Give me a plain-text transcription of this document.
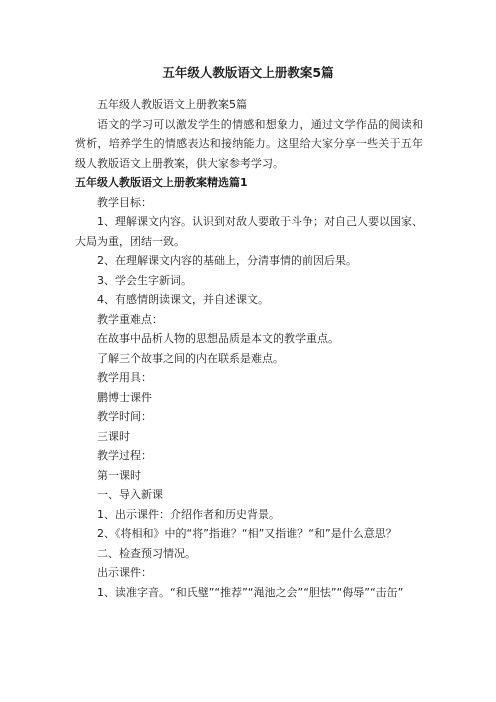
五年级人教版语文上册教案5篇

五年级人教版语文上册教案5篇

语文的学习可以激发学生的情感和想象力，通过文学作品的阅读和赏析，培养学生的情感表达和接纳能力。这里给大家分享一些关于五年级人教版语文上册教案，供大家参考学习。

五年级人教版语文上册教案精选篇1

教学目标：

1、理解课文内容。认识到对敌人要敢于斗争；对自己人要以国家、大局为重，团结一致。

2、在理解课文内容的基础上，分清事情的前因后果。

3、学会生字新词。

4、有感情朗读课文，并自述课文。

教学重难点：

在故事中品析人物的思想品质是本文的教学重点。

了解三个故事之间的内在联系是难点。

教学用具：

鹏博士课件

教学时间：

三课时

教学过程：

第一课时

一、导入新课

1、出示课件：介绍作者和历史背景。

2、《将相和》中的“将”指谁？“相”又指谁？“和”是什么意思？

二、检查预习情况。

出示课件：

1、读准字音。“和氏璧”“推荐”“渑池之会”“胆怯”“侮辱”“击缶”
